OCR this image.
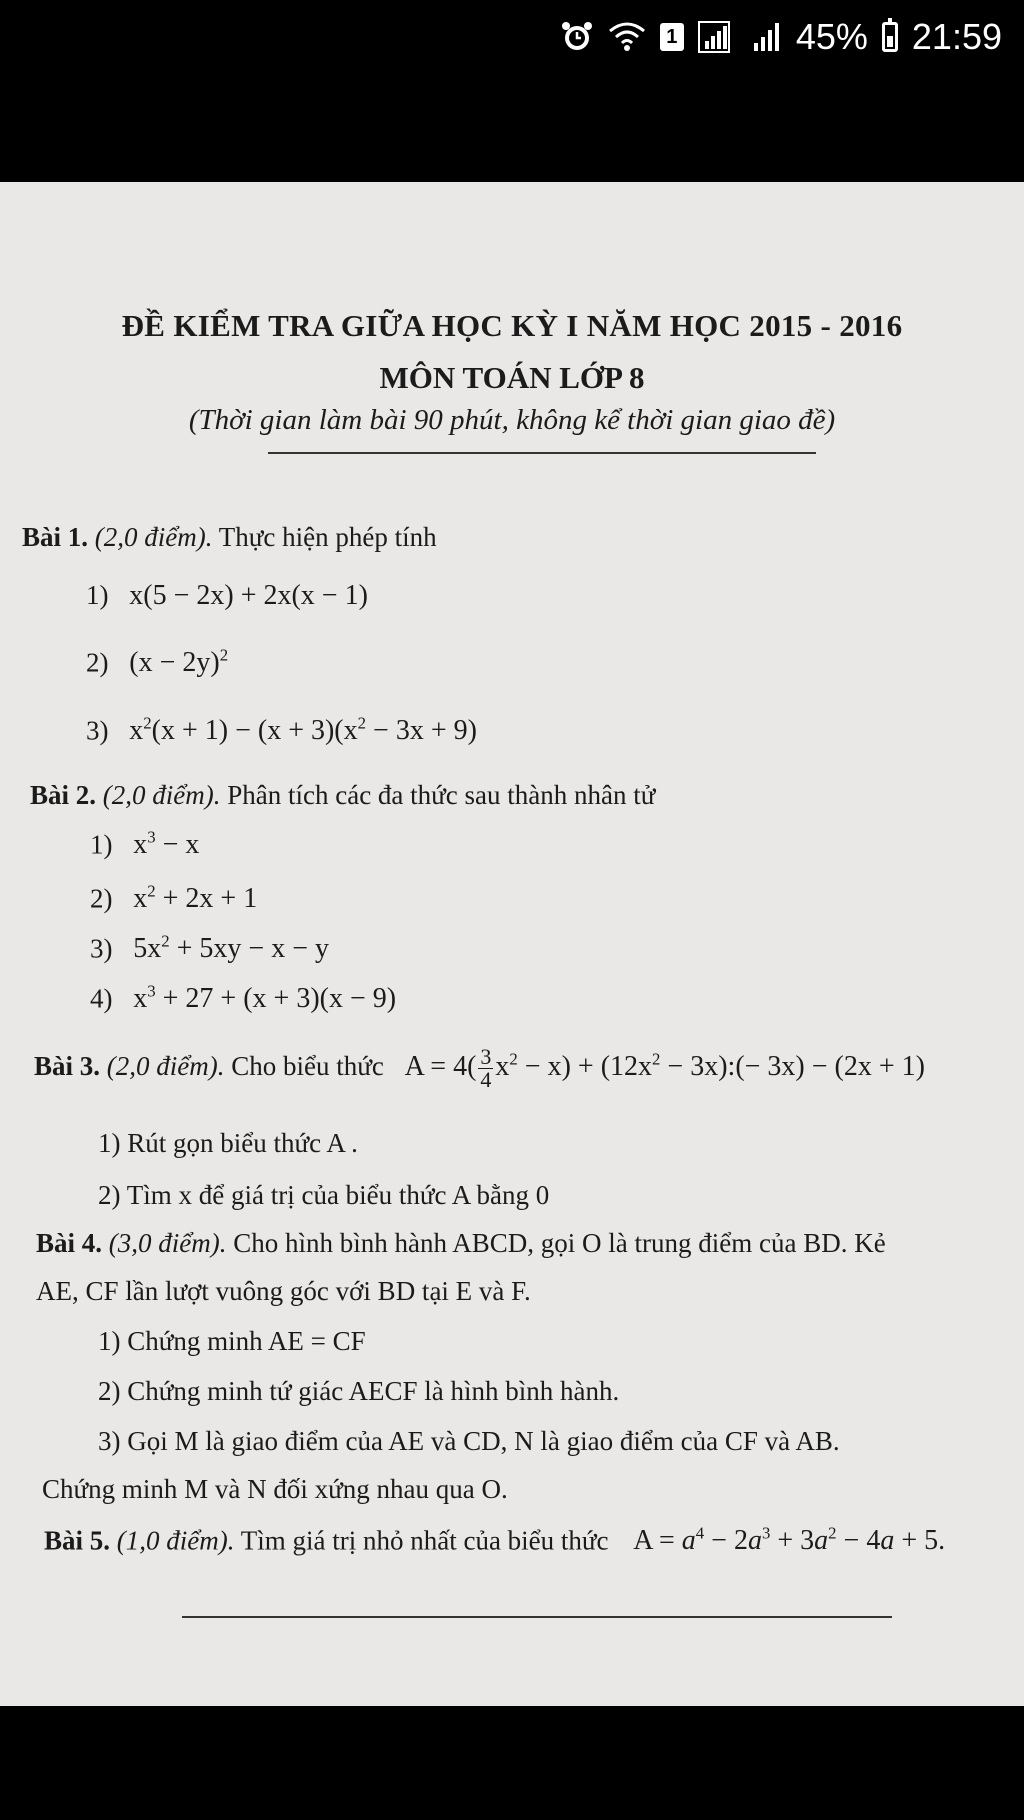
1	45% 21:59
ĐỀ KIỂM TRA GIỮA HỌC KỲ I NĂM HỌC 2015 - 2016
MÔN TOÁN LỚP 8
(Thời gian làm bài 90 phút, không kể thời gian giao đề)
Bài 1. (2,0 điểm). Thực hiện phép tính
1) x(5 − 2x) + 2x(x − 1)
2) $(x - 2y)^2$
3) $x^2(x + 1) - (x + 3)(x^2 - 3x + 9)$
Bài 2. (2,0 điểm). Phân tích các đa thức sau thành nhân tử
1) $x^3 - x$
2) $x^2 + 2x + 1$
3) $5x^2 + 5xy - x - y$
4) $x^3 + 27 + (x + 3)(x - 9)$
Bài 3. (2,0 điểm). Cho biểu thức $A = 4( \frac{3}{4} x^2 - x) + (12x^2$ − 3x):(− 3x) − (2x + 1)
1) Rút gọn biểu thức A .
2) Tìm x để giá trị của biểu thức A bằng 0
Bài 4. (3,0 điểm). Cho hình bình hành ABCD, gọi O là trung điểm của BD. Kẻ
AE, CF lần lượt vuông góc với BD tại E và F.
1) Chứng minh AE = CF
2) Chứng minh tứ giác AECF là hình bình hành.
3) Gọi M là giao điểm của AE và CD, N là giao điểm của CF và AB.
Chứng minh M và N đối xứng nhau qua O.
Bài 5. (1,0 điểm). Tìm giá trị nhỏ nhất của biểu thức $A = a^4 - 2a^3 + 3a^2 - 4a + 5$.
